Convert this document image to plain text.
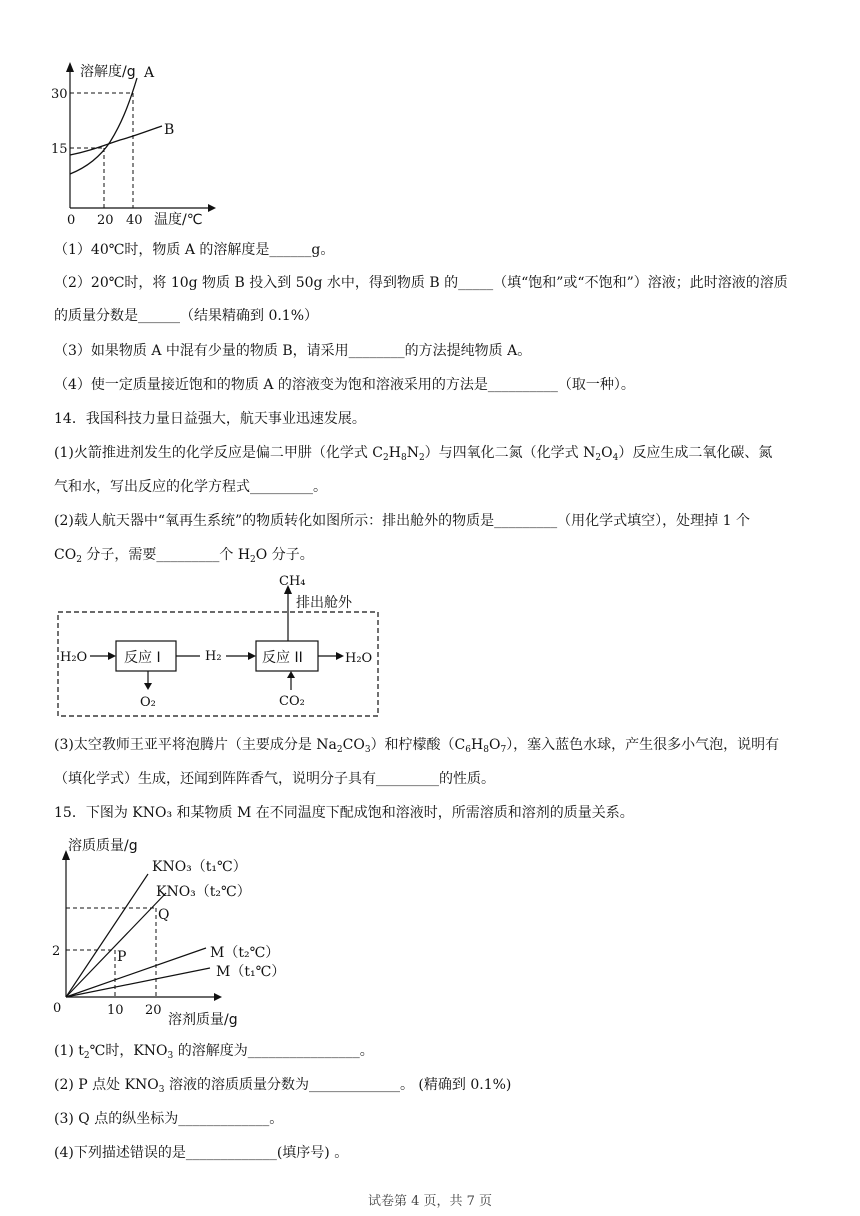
溶解度/g A
B
30
15
0 20 40 温度/℃
（1）40℃时，物质 A 的溶解度是______g。
（2）20℃时，将 10g 物质 B 投入到 50g 水中，得到物质 B 的_____（填“饱和”或“不饱和”）溶液；此时溶液的溶质
的质量分数是______（结果精确到 0.1%）
（3）如果物质 A 中混有少量的物质 B，请采用________的方法提纯物质 A。
（4）使一定质量接近饱和的物质 A 的溶液变为饱和溶液采用的方法是__________（取一种）。
14．我国科技力量日益强大，航天事业迅速发展。
(1)火箭推进剂发生的化学反应是偏二甲肼（化学式 $C_2H_8N_2$）与四氧化二氮（化学式 $N_2O_4$）反应生成二氧化碳、氮
气和水，写出反应的化学方程式_________。
(2)载人航天器中“氧再生系统”的物质转化如图所示：排出舱外的物质是_________（用化学式填空），处理掉 1 个
$CO_2$ 分子，需要_________个 $H_2O$ 分子。
CH₄
排出舱外
H₂O	反应 I	H₂	反应 II	H₂O
O₂	CO₂
(3)太空教师王亚平将泡腾片（主要成分是 $Na_2CO_3$）和柠檬酸$(C_6H_8O_7)$，塞入蓝色水球，产生很多小气泡，说明有
（填化学式）生成，还闻到阵阵香气，说明分子具有_________的性质。
15．下图为 KNO₃ 和某物质 M 在不同温度下配成饱和溶液时，所需溶质和溶剂的质量关系。
溶质质量/g
KNO₃（t₁℃）
KNO₃（t₂℃）
Q
P	M（t₂℃）
M（t₁℃）
2
0	10 20
溶剂质量/g
(1) $t_2℃$时，$KNO_3$ 的溶解度为________________。
(2) P 点处 $KNO_3$ 溶液的溶质质量分数为_____________。 (精确到 0.1%)
(3) Q 点的纵坐标为_____________。
(4)下列描述错误的是_____________(填序号) 。
试卷第 4 页，共 7 页
